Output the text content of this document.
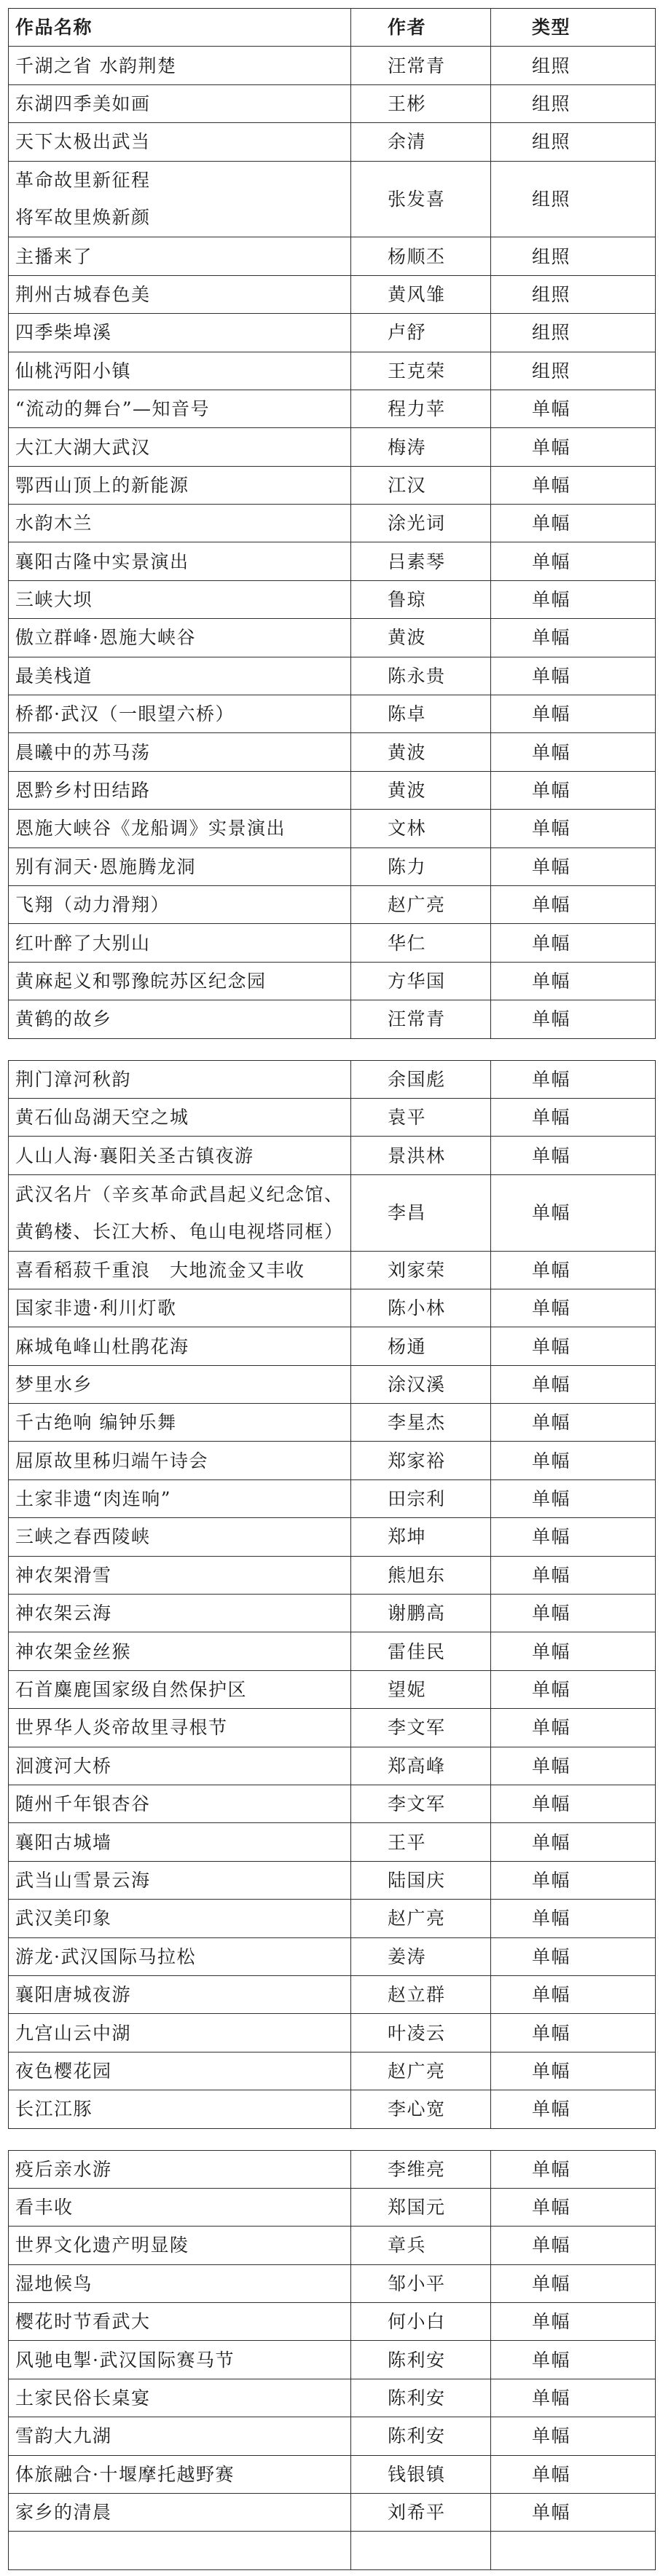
作品名称	作者	类型
千湖之省 水韵荆楚	汪常青	组照
东湖四季美如画	王彬	组照
天下太极出武当	余清	组照
革命故里新征程
将军故里焕新颜	张发喜	组照
主播来了	杨顺丕	组照
荆州古城春色美	黄风雏	组照
四季柴埠溪	卢舒	组照
仙桃沔阳小镇	王克荣	组照
“流动的舞台”—知音号	程力苹	单幅
大江大湖大武汉	梅涛	单幅
鄂西山顶上的新能源	江汉	单幅
水韵木兰	涂光词	单幅
襄阳古隆中实景演出	吕素琴	单幅
三峡大坝	鲁琼	单幅
傲立群峰·恩施大峡谷	黄波	单幅
最美栈道	陈永贵	单幅
桥都·武汉（一眼望六桥）	陈卓	单幅
晨曦中的苏马荡	黄波	单幅
恩黔乡村田结路	黄波	单幅
恩施大峡谷《龙船调》实景演出	文林	单幅
别有洞天·恩施腾龙洞	陈力	单幅
飞翔（动力滑翔）	赵广亮	单幅
红叶醉了大别山	华仁	单幅
黄麻起义和鄂豫皖苏区纪念园	方华国	单幅
黄鹤的故乡	汪常青	单幅
荆门漳河秋韵	余国彪	单幅
黄石仙岛湖天空之城	袁平	单幅
人山人海·襄阳关圣古镇夜游	景洪林	单幅
武汉名片（辛亥革命武昌起义纪念馆、
黄鹤楼、长江大桥、龟山电视塔同框）	李昌	单幅
喜看稻菽千重浪　大地流金又丰收	刘家荣	单幅
国家非遗·利川灯歌	陈小林	单幅
麻城龟峰山杜鹃花海	杨通	单幅
梦里水乡	涂汉溪	单幅
千古绝响 编钟乐舞	李星杰	单幅
屈原故里秭归端午诗会	郑家裕	单幅
土家非遗“肉连响”	田宗利	单幅
三峡之春西陵峡	郑坤	单幅
神农架滑雪	熊旭东	单幅
神农架云海	谢鹏高	单幅
神农架金丝猴	雷佳民	单幅
石首麋鹿国家级自然保护区	望妮	单幅
世界华人炎帝故里寻根节	李文军	单幅
洄渡河大桥	郑高峰	单幅
随州千年银杏谷	李文军	单幅
襄阳古城墙	王平	单幅
武当山雪景云海	陆国庆	单幅
武汉美印象	赵广亮	单幅
游龙·武汉国际马拉松	姜涛	单幅
襄阳唐城夜游	赵立群	单幅
九宫山云中湖	叶凌云	单幅
夜色樱花园	赵广亮	单幅
长江江豚	李心宽	单幅
疫后亲水游	李维亮	单幅
看丰收	郑国元	单幅
世界文化遗产明显陵	章兵	单幅
湿地候鸟	邹小平	单幅
樱花时节看武大	何小白	单幅
风驰电掣·武汉国际赛马节	陈利安	单幅
土家民俗长桌宴	陈利安	单幅
雪韵大九湖	陈利安	单幅
体旅融合·十堰摩托越野赛	钱银镇	单幅
家乡的清晨	刘希平	单幅
